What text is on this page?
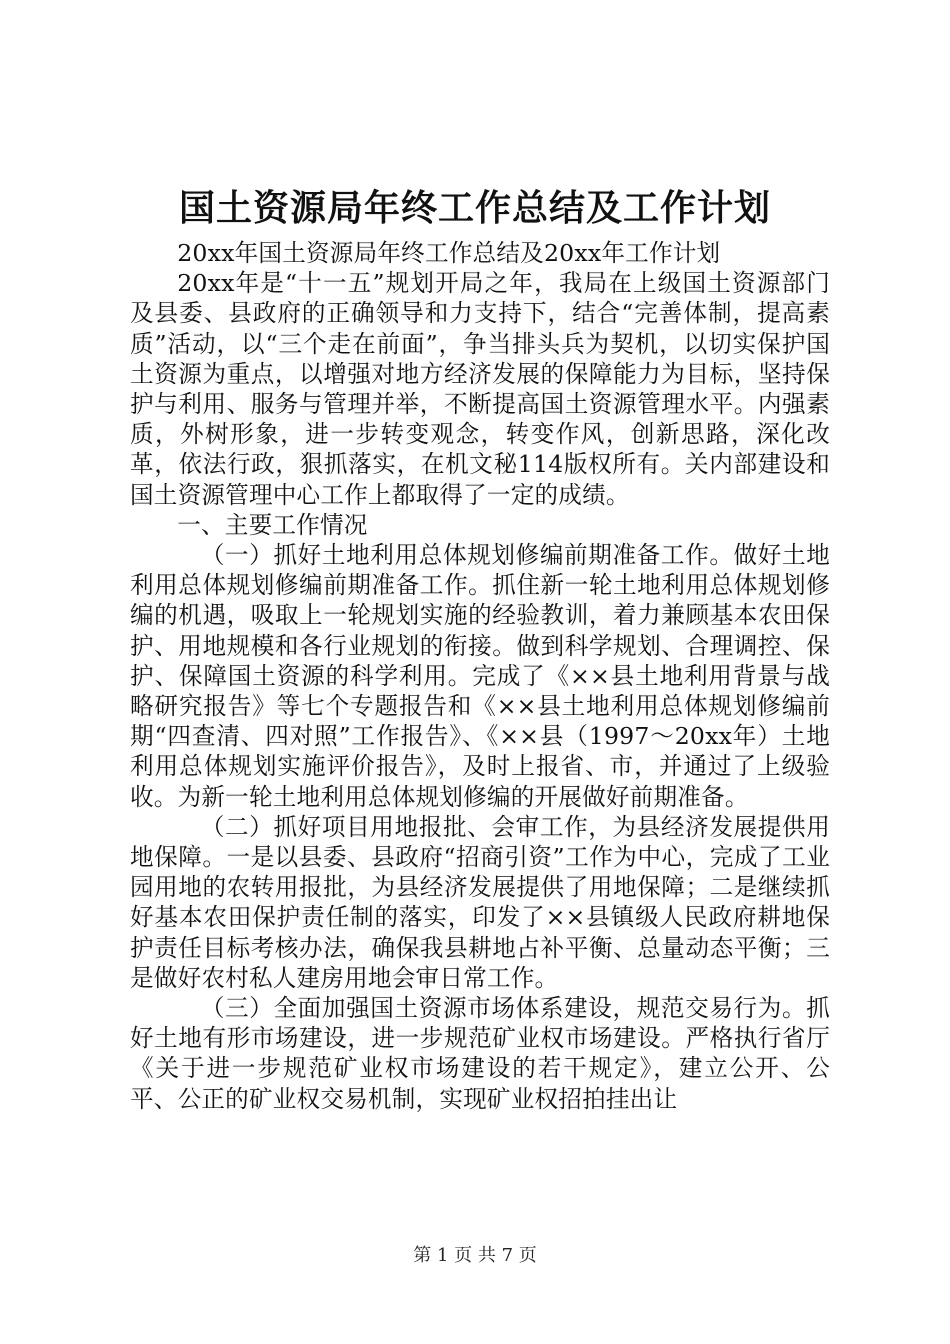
国土资源局年终工作总结及工作计划

20xx年国土资源局年终工作总结及20xx年工作计划

20xx年是“十一五”规划开局之年，我局在上级国土资源部门及县委、县政府的正确领导和力支持下，结合“完善体制，提高素质”活动，以“三个走在前面”，争当排头兵为契机，以切实保护国土资源为重点，以增强对地方经济发展的保障能力为目标，坚持保护与利用、服务与管理并举，不断提高国土资源管理水平。内强素质，外树形象，进一步转变观念，转变作风，创新思路，深化改革，依法行政，狠抓落实，在机文秘114版权所有。关内部建设和国土资源管理中心工作上都取得了一定的成绩。

一、主要工作情况

（一）抓好土地利用总体规划修编前期准备工作。做好土地利用总体规划修编前期准备工作。抓住新一轮土地利用总体规划修编的机遇，吸取上一轮规划实施的经验教训，着力兼顾基本农田保护、用地规模和各行业规划的衔接。做到科学规划、合理调控、保护、保障国土资源的科学利用。完成了《××县土地利用背景与战略研究报告》等七个专题报告和《××县土地利用总体规划修编前期“四查清、四对照”工作报告》、《××县（1997～20xx年）土地利用总体规划实施评价报告》，及时上报省、市，并通过了上级验收。为新一轮土地利用总体规划修编的开展做好前期准备。

（二）抓好项目用地报批、会审工作，为县经济发展提供用地保障。一是以县委、县政府“招商引资”工作为中心，完成了工业园用地的农转用报批，为县经济发展提供了用地保障；二是继续抓好基本农田保护责任制的落实，印发了××县镇级人民政府耕地保护责任目标考核办法，确保我县耕地占补平衡、总量动态平衡；三是做好农村私人建房用地会审日常工作。

（三）全面加强国土资源市场体系建设，规范交易行为。抓好土地有形市场建设，进一步规范矿业权市场建设。严格执行省厅《关于进一步规范矿业权市场建设的若干规定》，建立公开、公平、公正的矿业权交易机制，实现矿业权招拍挂出让

第 1 页 共 7 页
